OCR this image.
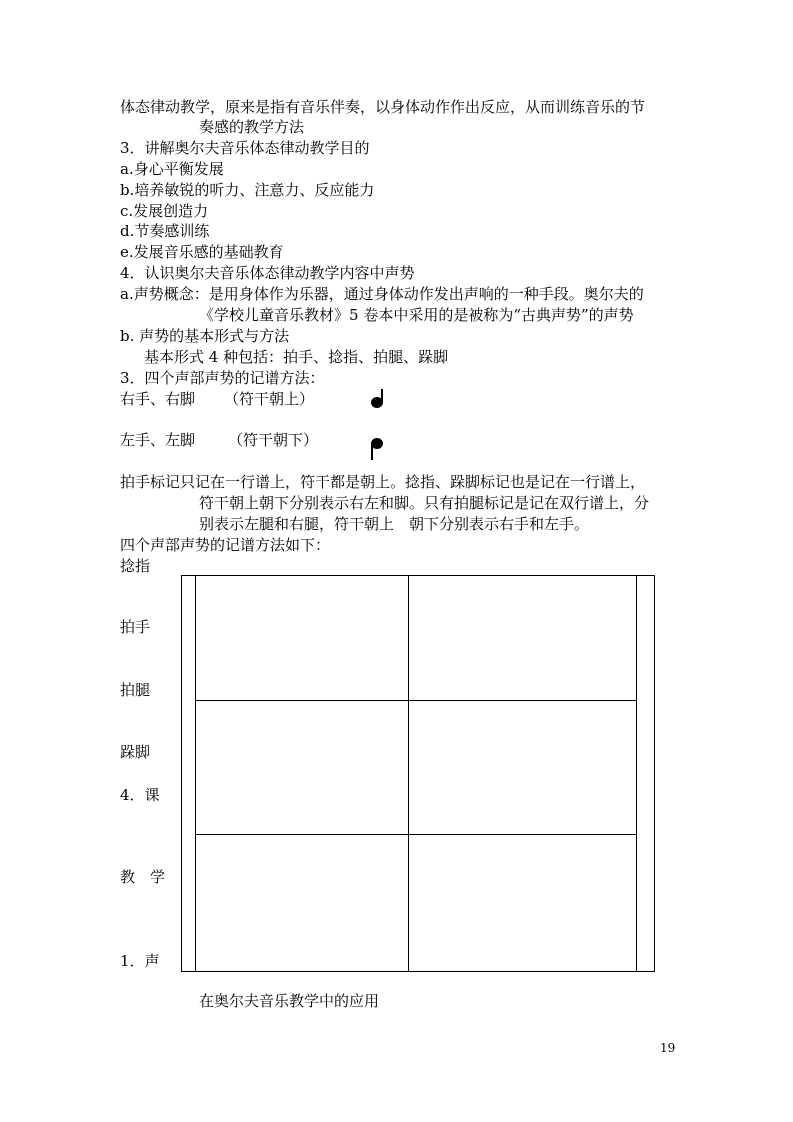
体态律动教学，原来是指有音乐伴奏，以身体动作作出反应，从而训练音乐的节
奏感的教学方法
3．讲解奥尔夫音乐体态律动教学目的
a.身心平衡发展
b.培养敏锐的听力、注意力、反应能力
c.发展创造力
d.节奏感训练
e.发展音乐感的基础教育
4．认识奥尔夫音乐体态律动教学内容中声势
a.声势概念：是用身体作为乐器，通过身体动作发出声响的一种手段。奥尔夫的
《学校儿童音乐教材》5 卷本中采用的是被称为“古典声势”的声势
b. 声势的基本形式与方法
基本形式 4 种包括：拍手、捻指、拍腿、跺脚
3．四个声部声势的记谱方法：
右手、右脚 （符干朝上）
左手、左脚 （符干朝下）
拍手标记只记在一行谱上，符干都是朝上。捻指、跺脚标记也是记在一行谱上，
符干朝上朝下分别表示右左和脚。只有拍腿标记是记在双行谱上，分
别表示左腿和右腿，符干朝上　朝下分别表示右手和左手。
四个声部声势的记谱方法如下：
捻指
拍手
拍腿
跺脚
4．课
教　学
1．声
在奥尔夫音乐教学中的应用
19
